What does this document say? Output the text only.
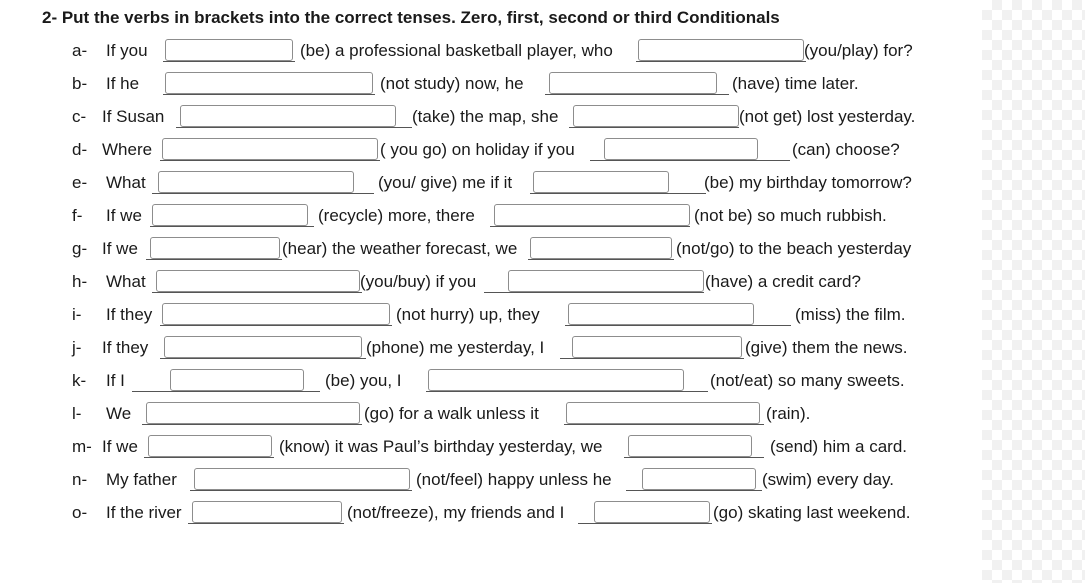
2- Put the verbs in brackets into the correct tenses. Zero, first, second or third Conditionals
a- If you	(be) a professional basketball player, who	(you/play) for?
b- If he	(not study) now, he	(have) time later.
c- If Susan	(take) the map, she	(not get) lost yesterday.
d- Where	( you go) on holiday if you	(can) choose?
e- What	(you/ give) me if it	(be) my birthday tomorrow?
f- If we	(recycle) more, there	(not be) so much rubbish.
g- If we	(hear) the weather forecast, we	(not/go) to the beach yesterday
h- What	(you/buy) if you	(have) a credit card?
i- If they	(not hurry) up, they	(miss) the film.
j- If they	(phone) me yesterday, I	(give) them the news.
k- If I	(be) you, I	(not/eat) so many sweets.
l- We	(go) for a walk unless it	(rain).
m- If we	(know) it was Paul’s birthday yesterday, we	(send) him a card.
n- My father	(not/feel) happy unless he	(swim) every day.
o- If the river	(not/freeze), my friends and I	(go) skating last weekend.
